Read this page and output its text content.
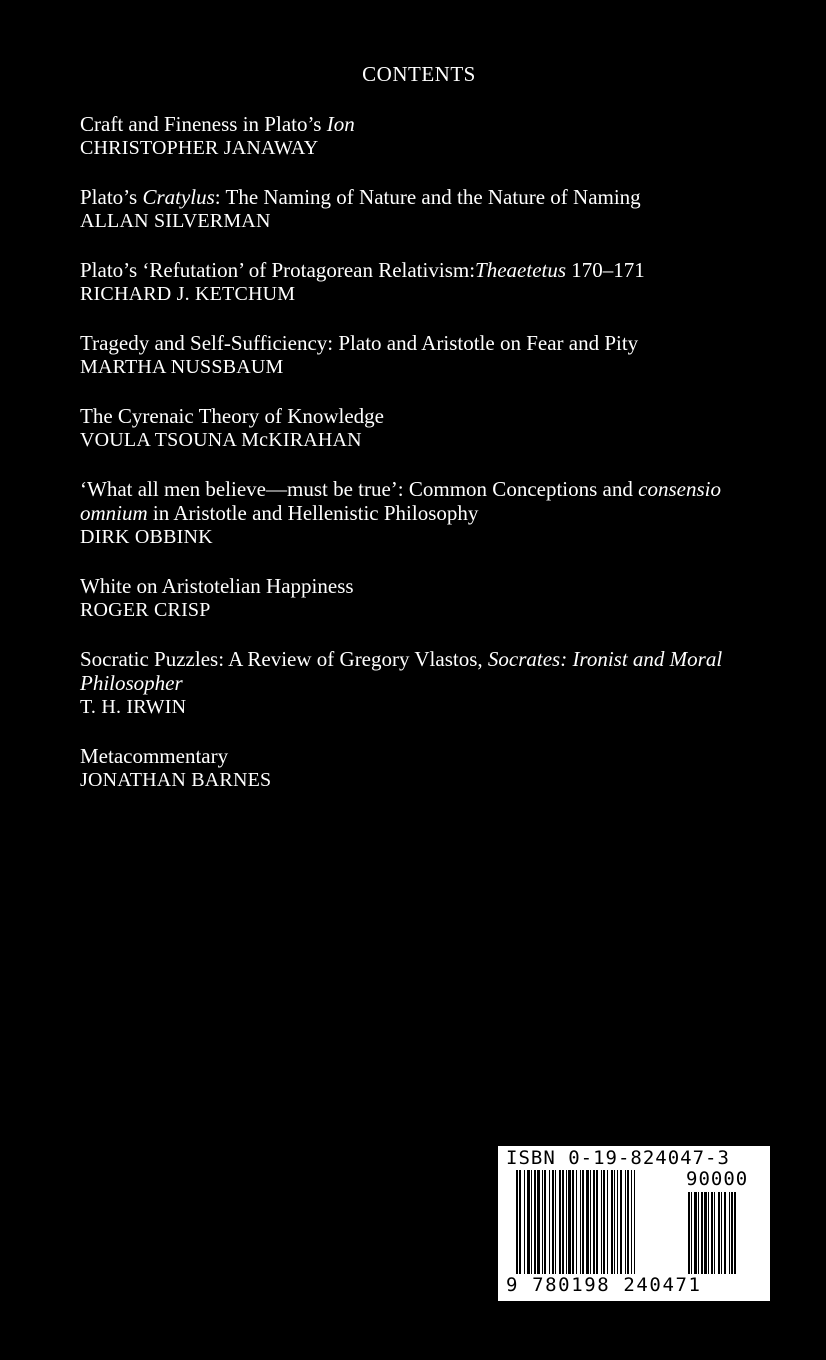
CONTENTS
Craft and Fineness in Plato’s Ion
CHRISTOPHER JANAWAY
Plato’s Cratylus: The Naming of Nature and the Nature of Naming
ALLAN SILVERMAN
Plato’s ‘Refutation’ of Protagorean Relativism:Theaetetus 170–171
RICHARD J. KETCHUM
Tragedy and Self-Sufficiency: Plato and Aristotle on Fear and Pity
MARTHA NUSSBAUM
The Cyrenaic Theory of Knowledge
VOULA TSOUNA McKIRAHAN
‘What all men believe—must be true’: Common Conceptions and consensio
omnium in Aristotle and Hellenistic Philosophy
DIRK OBBINK
White on Aristotelian Happiness
ROGER CRISP
Socratic Puzzles: A Review of Gregory Vlastos, Socrates: Ironist and Moral
Philosopher
T. H. IRWIN
Metacommentary
JONATHAN BARNES
ISBN 0-19-824047-3
90000
9 780198 240471
